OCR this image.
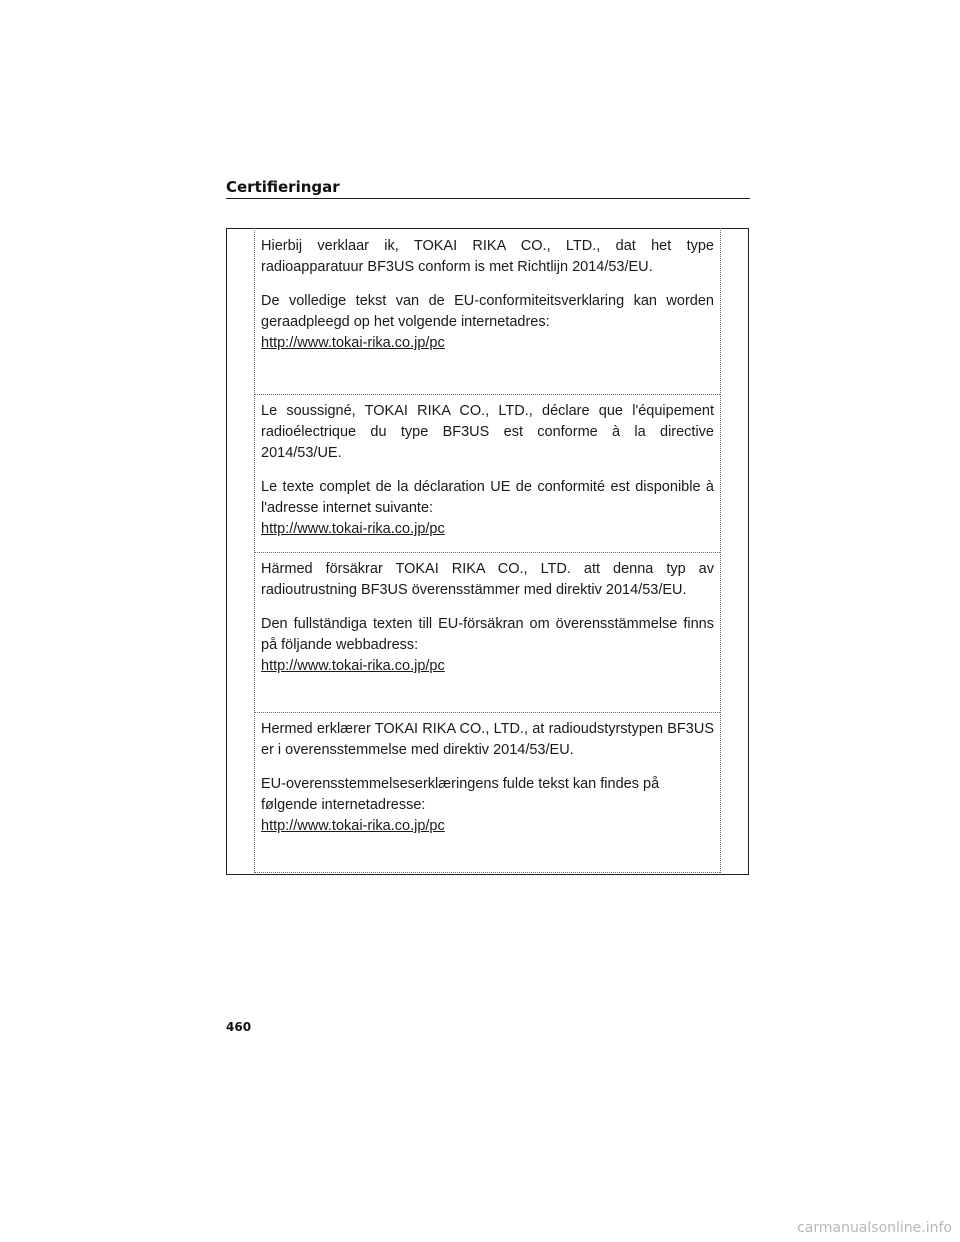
Certifieringar

Hierbij verklaar ik, TOKAI RIKA CO., LTD., dat het type radioapparatuur BF3US conform is met Richtlijn 2014/53/EU.

De volledige tekst van de EU-conformiteitsverklaring kan worden geraadpleegd op het volgende internetadres:

http://www.tokai-rika.co.jp/pc

Le soussigné, TOKAI RIKA CO., LTD., déclare que l'équipement radioélectrique du type BF3US est conforme à la directive 2014/53/UE.

Le texte complet de la déclaration UE de conformité est disponible à l'adresse internet suivante:

http://www.tokai-rika.co.jp/pc

Härmed försäkrar TOKAI RIKA CO., LTD. att denna typ av radioutrustning BF3US överensstämmer med direktiv 2014/53/EU.

Den fullständiga texten till EU-försäkran om överensstämmelse finns på följande webbadress:

http://www.tokai-rika.co.jp/pc

Hermed erklærer TOKAI RIKA CO., LTD., at radioudstyrstypen BF3US er i overensstemmelse med direktiv 2014/53/EU.

EU-overensstemmelseserklæringens fulde tekst kan findes på følgende internetadresse:

http://www.tokai-rika.co.jp/pc
460
carmanualsonline.info
